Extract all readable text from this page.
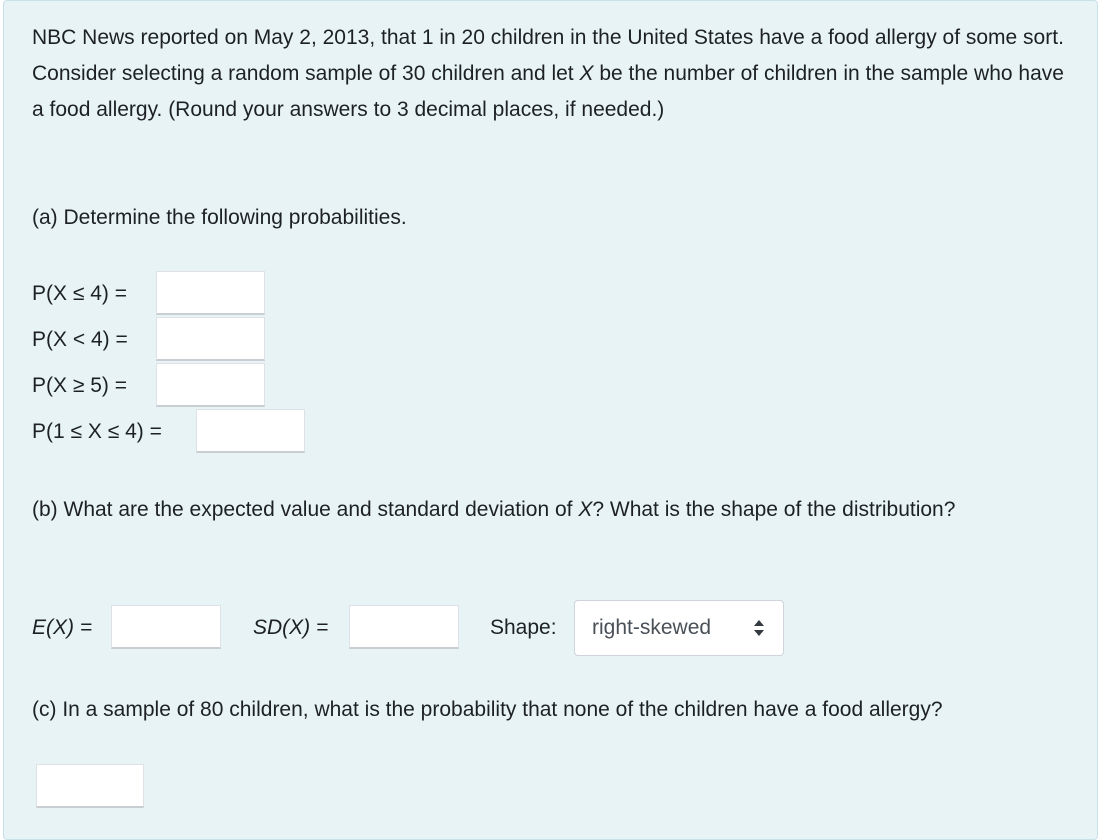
NBC News reported on May 2, 2013, that 1 in 20 children in the United States have a food allergy of some sort. Consider selecting a random sample of 30 children and let X be the number of children in the sample who have a food allergy. (Round your answers to 3 decimal places, if needed.)

(a) Determine the following probabilities.
P(X ≤ 4) =
P(X < 4) =
P(X ≥ 5) =
P(1 ≤ X ≤ 4) =

(b) What are the expected value and standard deviation of X? What is the shape of the distribution?

E(X) =	SD(X) =	Shape: right-skewed

(c) In a sample of 80 children, what is the probability that none of the children have a food allergy?
